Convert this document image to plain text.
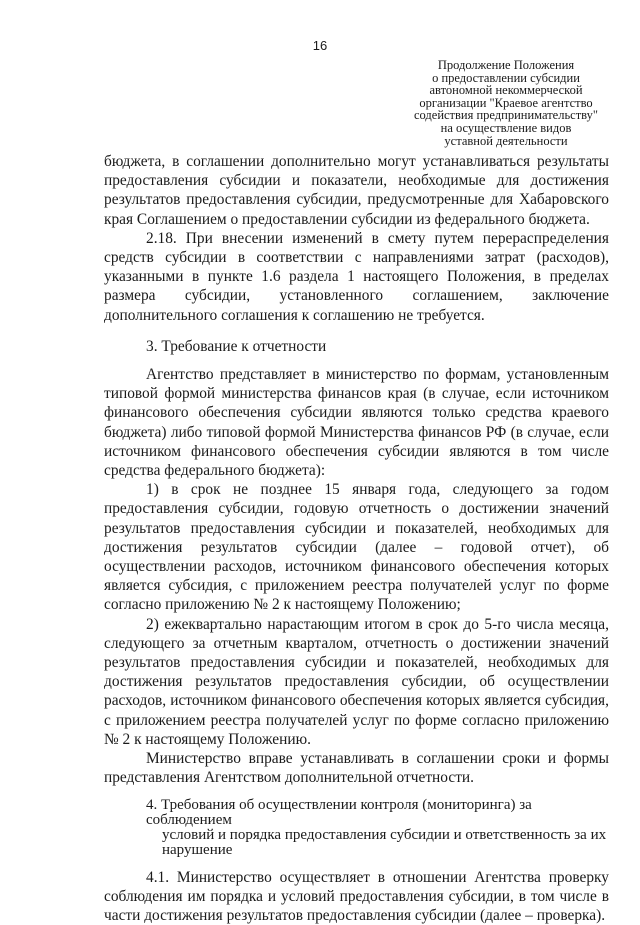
16
Продолжение Положения
о предоставлении субсидии
автономной некоммерческой
организации "Краевое агентство
содействия предпринимательству"
на осуществление видов
уставной деятельности

бюджета, в соглашении дополнительно могут устанавливаться результаты предоставления субсидии и показатели, необходимые для достижения результатов предоставления субсидии, предусмотренные для Хабаровского края Соглашением о предоставлении субсидии из федерального бюджета.

2.18. При внесении изменений в смету путем перераспределения средств субсидии в соответствии с направлениями затрат (расходов), указанными в пункте 1.6 раздела 1 настоящего Положения, в пределах размера субсидии, установленного соглашением, заключение дополнительного соглашения к соглашению не требуется.

3. Требование к отчетности

Агентство представляет в министерство по формам, установленным типовой формой министерства финансов края (в случае, если источником финансового обеспечения субсидии являются только средства краевого бюджета) либо типовой формой Министерства финансов РФ (в случае, если источником финансового обеспечения субсидии являются в том числе средства федерального бюджета):

1) в срок не позднее 15 января года, следующего за годом предоставления субсидии, годовую отчетность о достижении значений результатов предоставления субсидии и показателей, необходимых для достижения результатов субсидии (далее – годовой отчет), об осуществлении расходов, источником финансового обеспечения которых является субсидия, с приложением реестра получателей услуг по форме согласно приложению № 2 к настоящему Положению;

2) ежеквартально нарастающим итогом в срок до 5-го числа месяца, следующего за отчетным кварталом, отчетность о достижении значений результатов предоставления субсидии и показателей, необходимых для достижения результатов предоставления субсидии, об осуществлении расходов, источником финансового обеспечения которых является субсидия, с приложением реестра получателей услуг по форме согласно приложению № 2 к настоящему Положению.

Министерство вправе устанавливать в соглашении сроки и формы представления Агентством дополнительной отчетности.

4. Требования об осуществлении контроля (мониторинга) за соблюдением
условий и порядка предоставления субсидии и ответственность за их нарушение

4.1. Министерство осуществляет в отношении Агентства проверку соблюдения им порядка и условий предоставления субсидии, в том числе в части достижения результатов предоставления субсидии (далее – проверка).
